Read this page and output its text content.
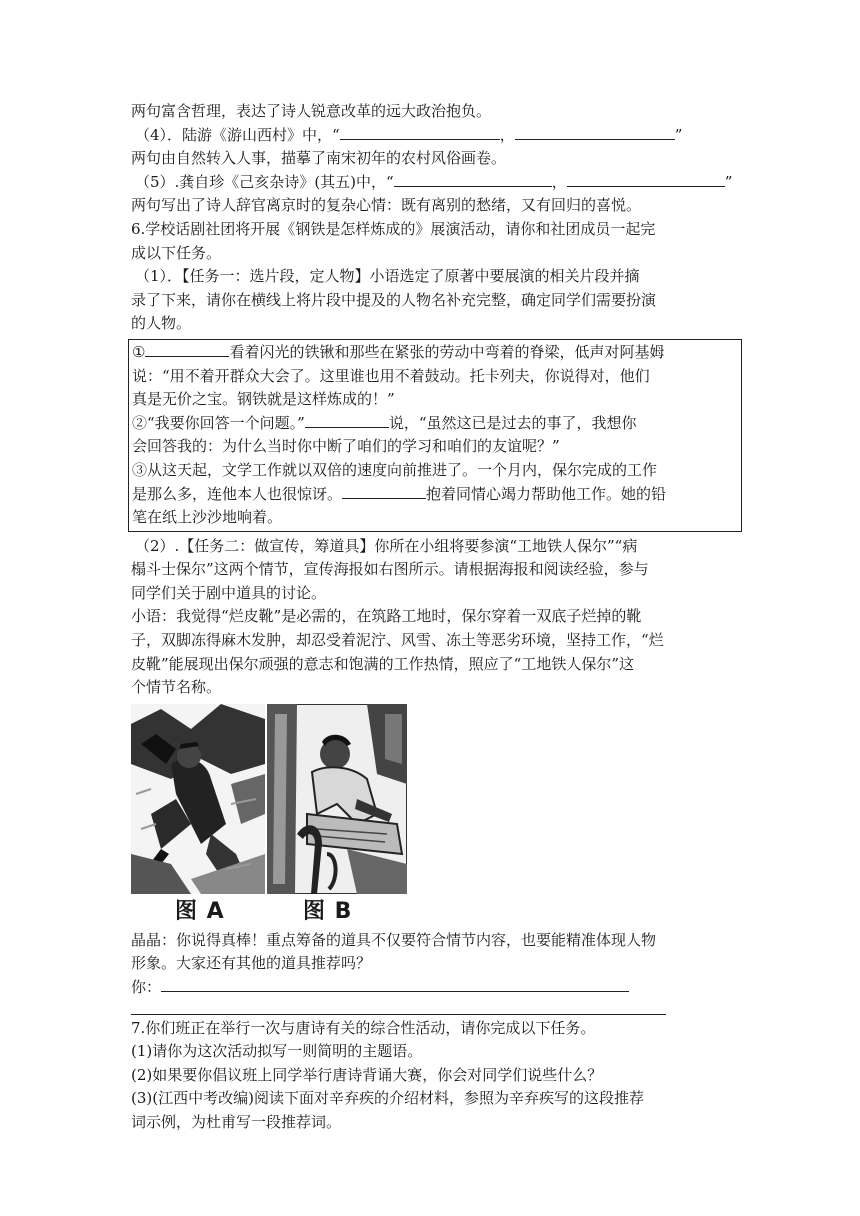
两句富含哲理，表达了诗人锐意改革的远大政治抱负。

（4）．陆游《游山西村》中，“	，	”

两句由自然转入人事，描摹了南宋初年的农村风俗画卷。

（5）.龚自珍《己亥杂诗》(其五)中，“	，	”

两句写出了诗人辞官离京时的复杂心情：既有离别的愁绪，又有回归的喜悦。

6.学校话剧社团将开展《钢铁是怎样炼成的》展演活动，请你和社团成员一起完

成以下任务。

（1）．【任务一：选片段，定人物】小语选定了原著中要展演的相关片段并摘

录了下来，请你在横线上将片段中提及的人物名补充完整，确定同学们需要扮演

的人物。

①	看着闪光的铁锹和那些在紧张的劳动中弯着的脊梁，低声对阿基姆

说：“用不着开群众大会了。这里谁也用不着鼓动。托卡列夫，你说得对，他们

真是无价之宝。钢铁就是这样炼成的！”

②“我要你回答一个问题。”	说，“虽然这已是过去的事了，我想你

会回答我的：为什么当时你中断了咱们的学习和咱们的友谊呢？”

③从这天起，文学工作就以双倍的速度向前推进了。一个月内，保尔完成的工作

是那么多，连他本人也很惊讶。	抱着同情心竭力帮助他工作。她的铅

笔在纸上沙沙地响着。

（2）.【任务二：做宣传，筹道具】你所在小组将要参演“工地铁人保尔”“病

榻斗士保尔”这两个情节，宣传海报如右图所示。请根据海报和阅读经验，参与

同学们关于剧中道具的讨论。

小语：我觉得“烂皮靴”是必需的，在筑路工地时，保尔穿着一双底子烂掉的靴

子，双脚冻得麻木发肿，却忍受着泥泞、风雪、冻土等恶劣环境，坚持工作，“烂

皮靴”能展现出保尔顽强的意志和饱满的工作热情，照应了“工地铁人保尔”这

个情节名称。

图 A	图 B

晶晶：你说得真棒！重点筹备的道具不仅要符合情节内容，也要能精准体现人物

形象。大家还有其他的道具推荐吗？

你：

7.你们班正在举行一次与唐诗有关的综合性活动，请你完成以下任务。

(1)请你为这次活动拟写一则简明的主题语。

(2)如果要你倡议班上同学举行唐诗背诵大赛，你会对同学们说些什么？

(3)(江西中考改编)阅读下面对辛弃疾的介绍材料，参照为辛弃疾写的这段推荐

词示例，为杜甫写一段推荐词。
